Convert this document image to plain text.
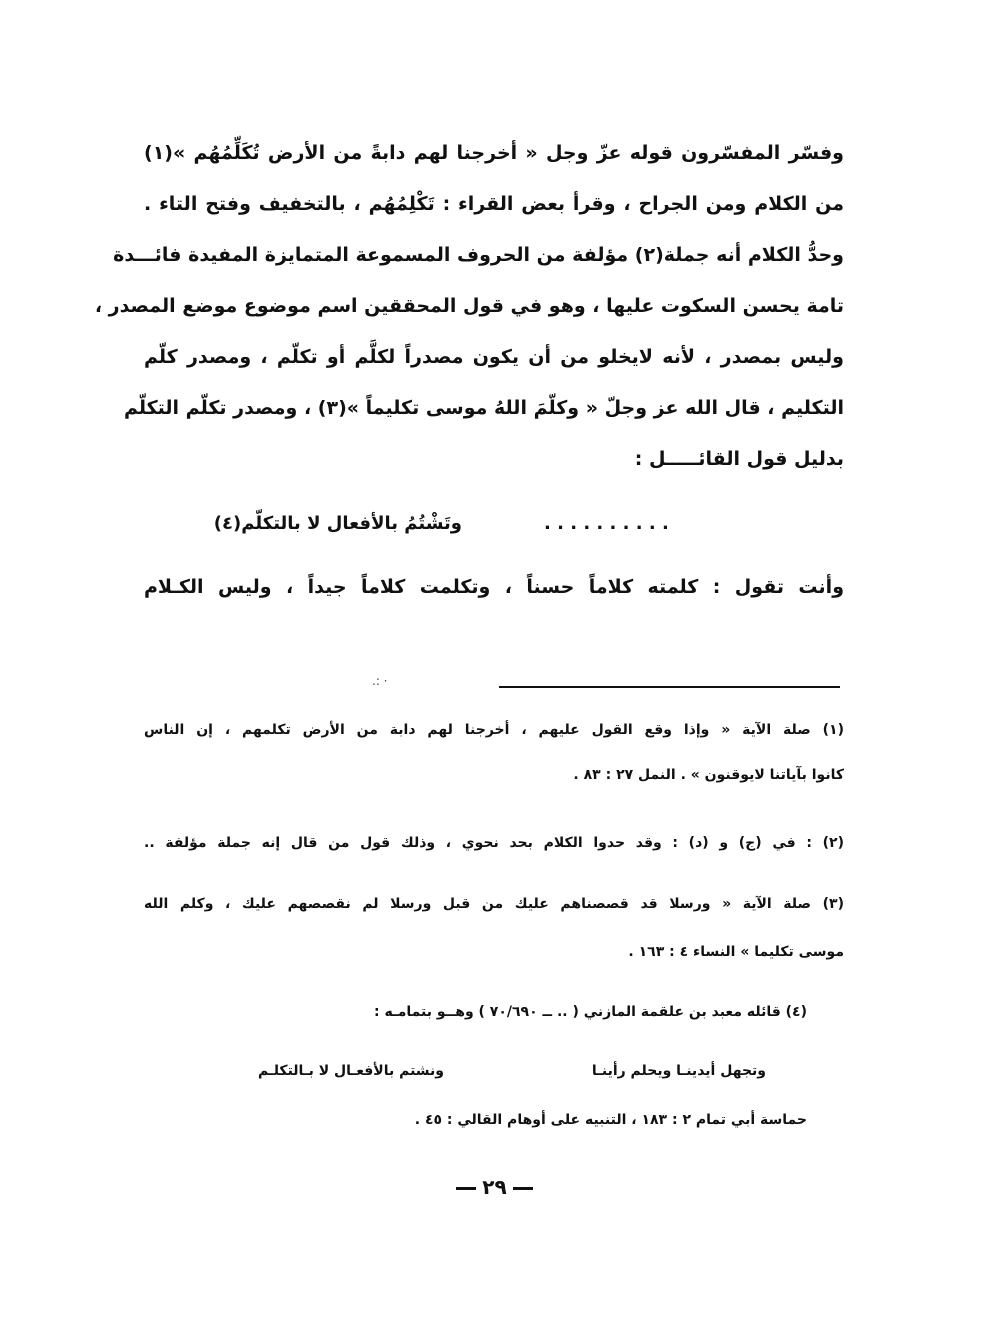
وفسّر المفسّرون قوله عزّ وجل « أخرجنا لهم دابةً من الأرض تُكَلِّمُهُم »(١)
من الكلام ومن الجراح ، وقرأ بعض القراء : تَكْلِمُهُم ، بالتخفيف وفتح التاء .
وحدُّ الكلام أنه جملة(٢) مؤلفة من الحروف المسموعة المتمايزة المفيدة فائـــدة
تامة يحسن السكوت عليها ، وهو في قول المحققين اسم موضوع موضع المصدر ،
وليس بمصدر ، لأنه لايخلو من أن يكون مصدراً لكلَّم أو تكلّم ، ومصدر كلّم
التكليم ، قال الله عز وجلّ « وكلّمَ اللهُ موسى تكليماً »(٣) ، ومصدر تكلّم التكلّم
بدليل قول القائـــــل :
. . . . . . . . . .
وتَشْتُمُ بالأفعال لا بالتكلّم(٤)
وأنت تقول : كلمته كلاماً حسناً ، وتكلمت كلاماً جيداً ، وليس الكـلام
· :.
(١) صلة الآية « وإذا وقع القول عليهم ، أخرجنا لهم دابة من الأرض تكلمهم ، إن الناس
كانوا بآياتنا لايوقنون » . النمل ٢٧ : ٨٣ .
(٢) : في (ج) و (د) : وقد حدوا الكلام بحد نحوي ، وذلك قول من قال إنه جملة مؤلفة ..
(٣) صلة الآية « ورسلا قد قصصناهم عليك من قبل ورسلا لم نقصصهم عليك ، وكلم الله
موسى تكليما » النساء ٤ : ١٦٣ .
(٤) قائله معبد بن علقمة المازني ( .. ــ ٧٠/٦٩٠ ) وهــو بتمامـه :
وتجهل أيدينـا ويحلم رأينـا
ونشتم بالأفعـال لا بـالتكلـم
حماسة أبي تمام ٢ : ١٨٣ ، التنبيه على أوهام القالي : ٤٥ .
٢٩
